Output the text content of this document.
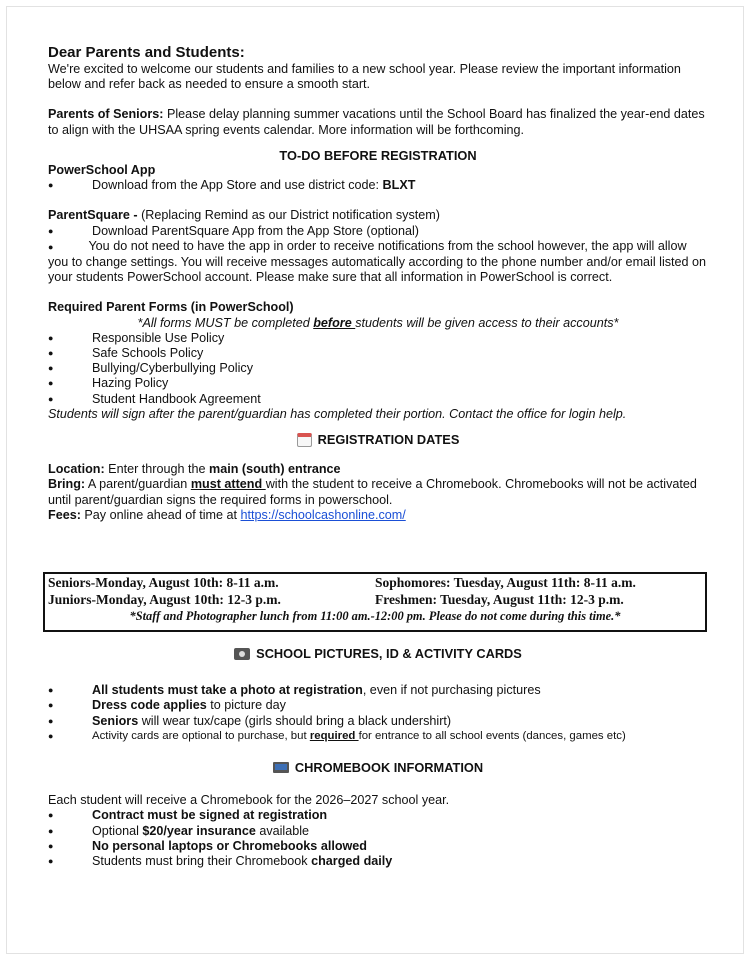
Dear Parents and Students:

We're excited to welcome our students and families to a new school year. Please review the important information below and refer back as needed to ensure a smooth start.

Parents of Seniors: Please delay planning summer vacations until the School Board has finalized the year-end dates to align with the UHSAA spring events calendar. More information will be forthcoming.

TO-DO BEFORE REGISTRATION

PowerSchool App

● Download from the App Store and use district code: BLXT

ParentSquare - (Replacing Remind as our District notification system)

● Download ParentSquare App from the App Store (optional)
●	You do not need to have the app in order to receive notifications from the school however, the app will allow you to change settings. You will receive messages automatically according to the phone number and/or email listed on your students PowerSchool account. Please make sure that all information in PowerSchool is correct.

Required Parent Forms (in PowerSchool)

*All forms MUST be completed before students will be given access to their accounts*

● Responsible Use Policy
● Safe Schools Policy
● Bullying/Cyberbullying Policy
● Hazing Policy
● Student Handbook Agreement

Students will sign after the parent/guardian has completed their portion. Contact the office for login help.

REGISTRATION DATES

Location: Enter through the main (south) entrance

Bring: A parent/guardian must attend with the student to receive a Chromebook. Chromebooks will not be activated until parent/guardian signs the required forms in powerschool.

Fees: Pay online ahead of time at https://schoolcashonline.com/

Seniors-Monday, August 10th: 8-11 a.m.	Sophomores: Tuesday, August 11th: 8-11 a.m.
Juniors-Monday, August 10th: 12-3 p.m.	Freshmen: Tuesday, August 11th: 12-3 p.m.
*Staff and Photographer lunch from 11:00 am.-12:00 pm. Please do not come during this time.*
SCHOOL PICTURES, ID & ACTIVITY CARDS
● All students must take a photo at registration, even if not purchasing pictures
● Dress code applies to picture day
● Seniors will wear tux/cape (girls should bring a black undershirt)
● Activity cards are optional to purchase, but required for entrance to all school events (dances, games etc)
CHROMEBOOK INFORMATION

Each student will receive a Chromebook for the 2026–2027 school year.

● Contract must be signed at registration
● Optional $20/year insurance available
● No personal laptops or Chromebooks allowed
● Students must bring their Chromebook charged daily
